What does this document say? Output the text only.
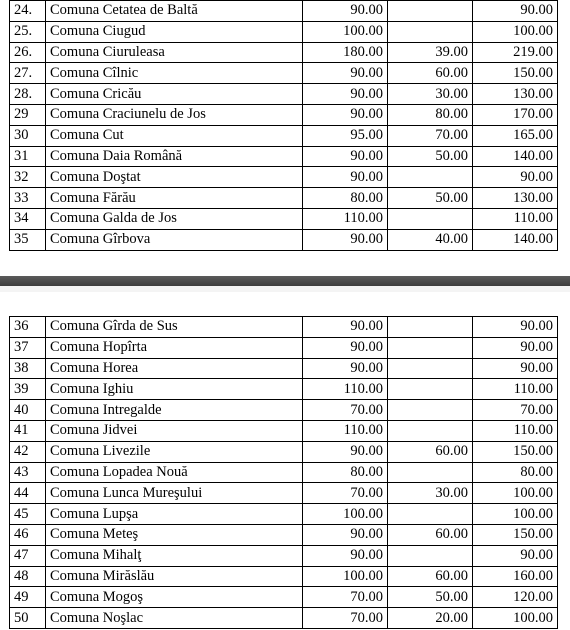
24.	Comuna Cetatea de Baltă	90.00		90.00
25.	Comuna Ciugud	100.00		100.00
26.	Comuna Ciuruleasa	180.00	39.00	219.00
27.	Comuna Cîlnic	90.00	60.00	150.00
28.	Comuna Cricău	90.00	30.00	130.00
29	Comuna Craciunelu de Jos	90.00	80.00	170.00
30	Comuna Cut	95.00	70.00	165.00
31	Comuna Daia Română	90.00	50.00	140.00
32	Comuna Doştat	90.00		90.00
33	Comuna Fărău	80.00	50.00	130.00
34	Comuna Galda de Jos	110.00		110.00
35	Comuna Gîrbova	90.00	40.00	140.00
36	Comuna Gîrda de Sus	90.00		90.00
37	Comuna Hopîrta	90.00		90.00
38	Comuna Horea	90.00		90.00
39	Comuna Ighiu	110.00		110.00
40	Comuna Intregalde	70.00		70.00
41	Comuna Jidvei	110.00		110.00
42	Comuna Livezile	90.00	60.00	150.00
43	Comuna Lopadea Nouă	80.00		80.00
44	Comuna Lunca Mureşului	70.00	30.00	100.00
45	Comuna Lupşa	100.00		100.00
46	Comuna Meteş	90.00	60.00	150.00
47	Comuna Mihalţ	90.00		90.00
48	Comuna Mirăslău	100.00	60.00	160.00
49	Comuna Mogoş	70.00	50.00	120.00
50	Comuna Noşlac	70.00	20.00	100.00
